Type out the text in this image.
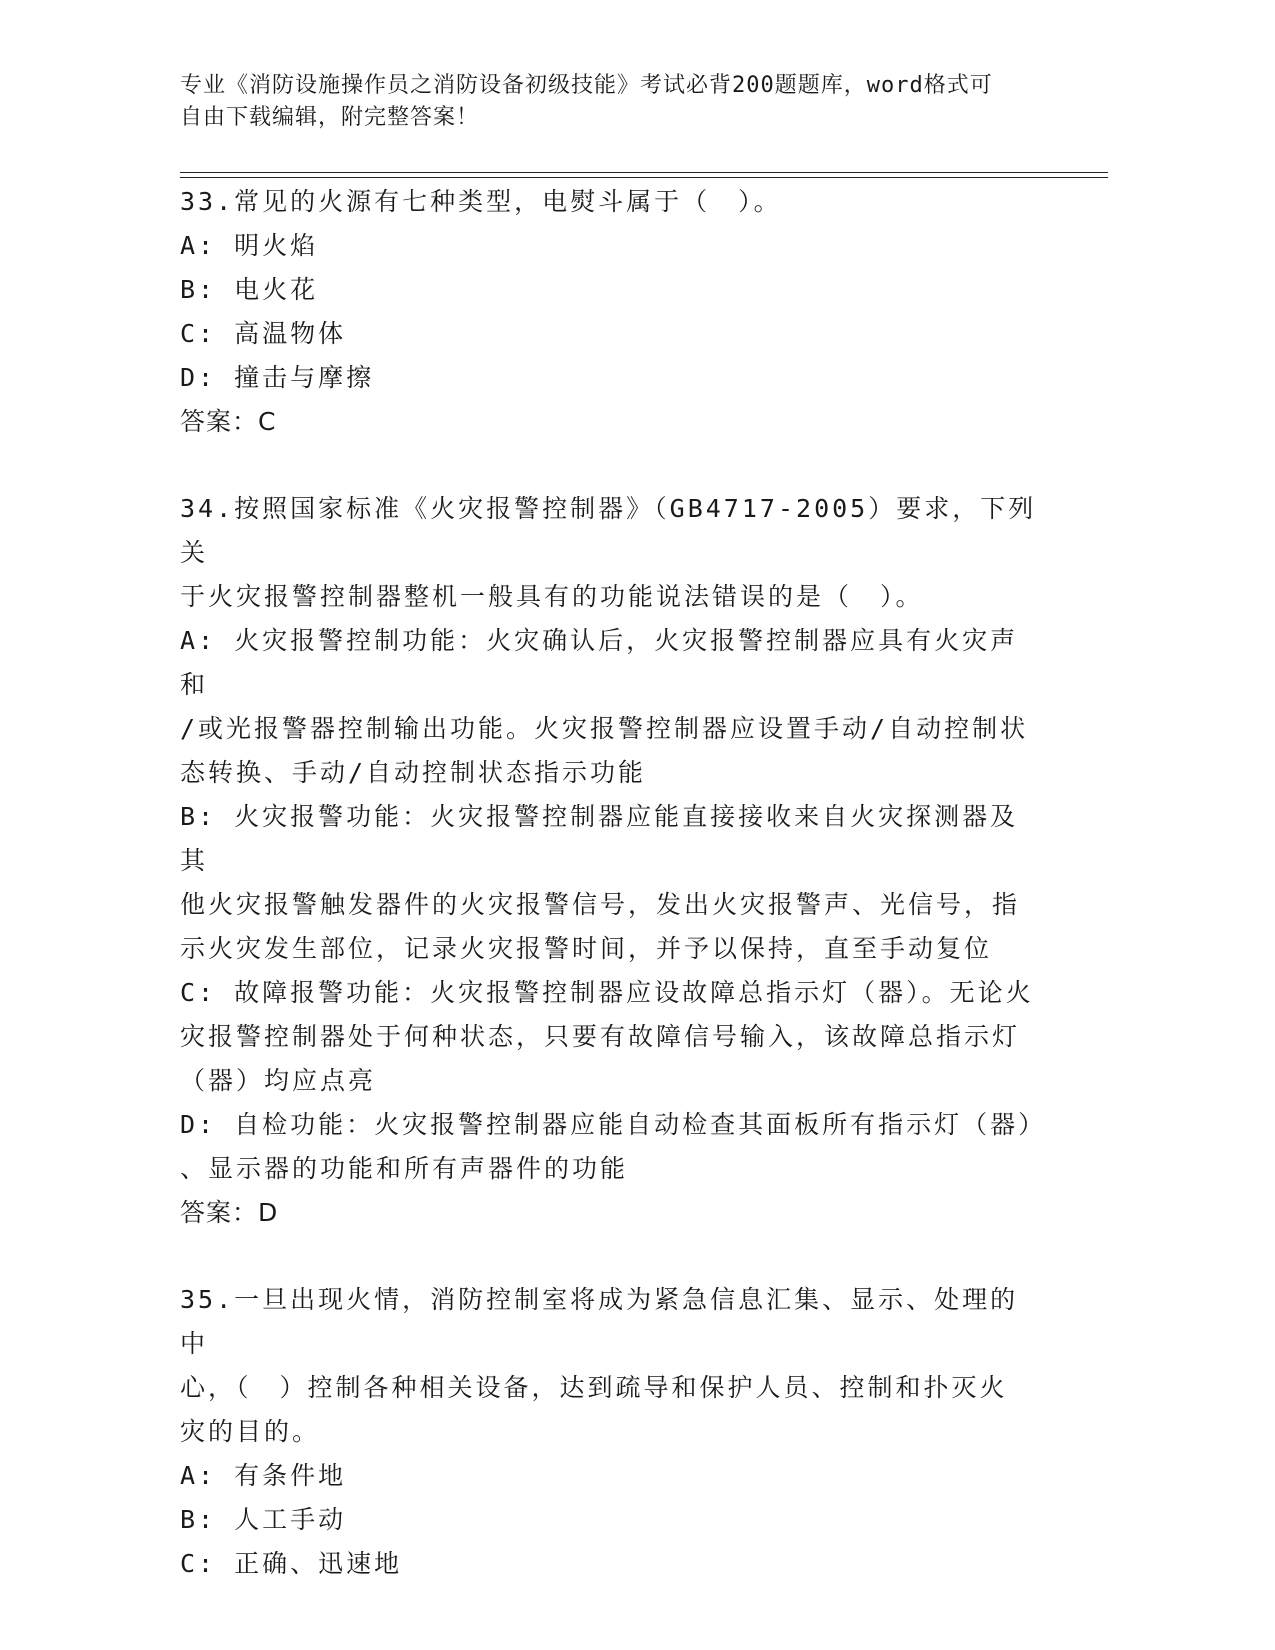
专业《消防设施操作员之消防设备初级技能》考试必背200题题库，word格式可
自由下载编辑，附完整答案！

33.常见的火源有七种类型，电熨斗属于（　）。

A: 明火焰

B: 电火花

C: 高温物体

D: 撞击与摩擦

答案：C

34.按照国家标准《火灾报警控制器》（GB4717-2005）要求，下列关

于火灾报警控制器整机一般具有的功能说法错误的是（　）。

A: 火灾报警控制功能：火灾确认后，火灾报警控制器应具有火灾声和

/或光报警器控制输出功能。火灾报警控制器应设置手动/自动控制状

态转换、手动/自动控制状态指示功能

B: 火灾报警功能：火灾报警控制器应能直接接收来自火灾探测器及其

他火灾报警触发器件的火灾报警信号，发出火灾报警声、光信号，指

示火灾发生部位，记录火灾报警时间，并予以保持，直至手动复位

C: 故障报警功能：火灾报警控制器应设故障总指示灯（器）。无论火

灾报警控制器处于何种状态，只要有故障信号输入，该故障总指示灯

（器）均应点亮

D: 自检功能：火灾报警控制器应能自动检查其面板所有指示灯（器）

、显示器的功能和所有声器件的功能

答案：D

35.一旦出现火情，消防控制室将成为紧急信息汇集、显示、处理的中

心，（　）控制各种相关设备，达到疏导和保护人员、控制和扑灭火

灾的目的。

A: 有条件地

B: 人工手动

C: 正确、迅速地
